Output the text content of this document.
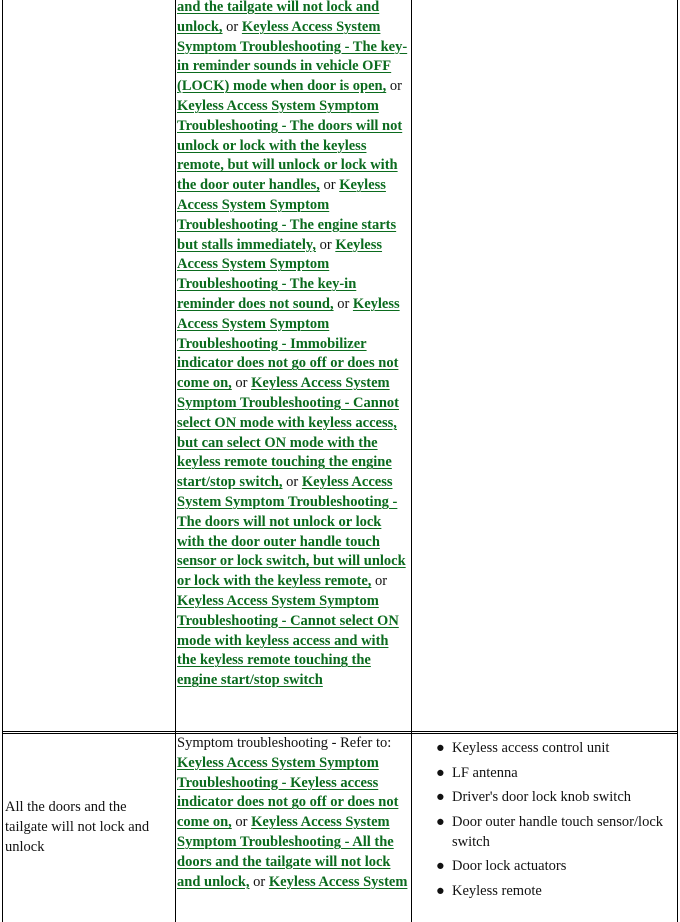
and the tailgate will not lock and unlock, or Keyless Access System Symptom Troubleshooting - The key-in reminder sounds in vehicle OFF (LOCK) mode when door is open, or Keyless Access System Symptom Troubleshooting - The doors will not unlock or lock with the keyless remote, but will unlock or lock with the door outer handles, or Keyless Access System Symptom Troubleshooting - The engine starts but stalls immediately, or Keyless Access System Symptom Troubleshooting - The key-in reminder does not sound, or Keyless Access System Symptom Troubleshooting - Immobilizer indicator does not go off or does not come on, or Keyless Access System Symptom Troubleshooting - Cannot select ON mode with keyless access, but can select ON mode with the keyless remote touching the engine start/stop switch, or Keyless Access System Symptom Troubleshooting - The doors will not unlock or lock with the door outer handle touch sensor or lock switch, but will unlock or lock with the keyless remote, or Keyless Access System Symptom Troubleshooting - Cannot select ON mode with keyless access and with the keyless remote touching the engine start/stop switch
All the doors and the tailgate will not lock and unlock
Symptom troubleshooting - Refer to: Keyless Access System Symptom Troubleshooting - Keyless access indicator does not go off or does not come on, or Keyless Access System Symptom Troubleshooting - All the doors and the tailgate will not lock and unlock, or Keyless Access System
● Keyless access control unit
● LF antenna
● Driver's door lock knob switch
● Door outer handle touch sensor/lock switch
● Door lock actuators
● Keyless remote
